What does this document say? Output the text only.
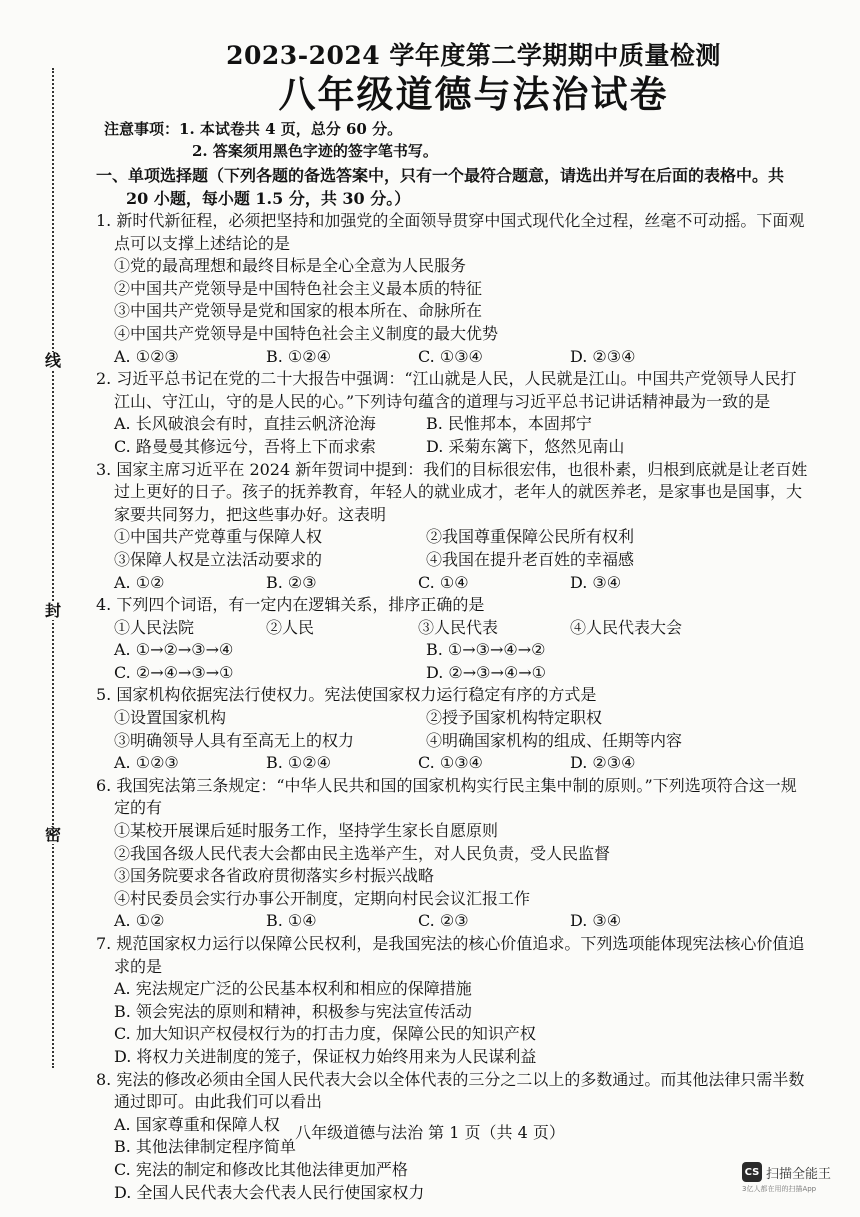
线
封
密
2023-2024 学年度第二学期期中质量检测
八年级道德与法治试卷
注意事项：1. 本试卷共 4 页，总分 60 分。
2. 答案须用黑色字迹的签字笔书写。
一、单项选择题（下列各题的备选答案中，只有一个最符合题意，请选出并写在后面的表格中。共 20 小题，每小题 1.5 分，共 30 分。）
1. 新时代新征程，必须把坚持和加强党的全面领导贯穿中国式现代化全过程，丝毫不可动摇。下面观点可以支撑上述结论的是
①党的最高理想和最终目标是全心全意为人民服务
②中国共产党领导是中国特色社会主义最本质的特征
③中国共产党领导是党和国家的根本所在、命脉所在
④中国共产党领导是中国特色社会主义制度的最大优势
A. ①②③	B. ①②④	C. ①③④	D. ②③④
2. 习近平总书记在党的二十大报告中强调：“江山就是人民，人民就是江山。中国共产党领导人民打江山、守江山，守的是人民的心。”下列诗句蕴含的道理与习近平总书记讲话精神最为一致的是
A. 长风破浪会有时，直挂云帆济沧海	B. 民惟邦本，本固邦宁
C. 路曼曼其修远兮，吾将上下而求索	D. 采菊东篱下，悠然见南山
3. 国家主席习近平在 2024 新年贺词中提到：我们的目标很宏伟，也很朴素，归根到底就是让老百姓过上更好的日子。孩子的抚养教育，年轻人的就业成才，老年人的就医养老，是家事也是国事，大家要共同努力，把这些事办好。这表明
①中国共产党尊重与保障人权	②我国尊重保障公民所有权利
③保障人权是立法活动要求的	④我国在提升老百姓的幸福感
A. ①②	B. ②③	C. ①④	D. ③④
4. 下列四个词语，有一定内在逻辑关系，排序正确的是
①人民法院	②人民	③人民代表	④人民代表大会
A. ①→②→③→④	B. ①→③→④→②
C. ②→④→③→①	D. ②→③→④→①
5. 国家机构依据宪法行使权力。宪法使国家权力运行稳定有序的方式是
①设置国家机构	②授予国家机构特定职权
③明确领导人具有至高无上的权力	④明确国家机构的组成、任期等内容
A. ①②③	B. ①②④	C. ①③④	D. ②③④
6. 我国宪法第三条规定：“中华人民共和国的国家机构实行民主集中制的原则。”下列选项符合这一规定的有
①某校开展课后延时服务工作，坚持学生家长自愿原则
②我国各级人民代表大会都由民主选举产生，对人民负责，受人民监督
③国务院要求各省政府贯彻落实乡村振兴战略
④村民委员会实行办事公开制度，定期向村民会议汇报工作
A. ①②	B. ①④	C. ②③	D. ③④
7. 规范国家权力运行以保障公民权利，是我国宪法的核心价值追求。下列选项能体现宪法核心价值追求的是
A. 宪法规定广泛的公民基本权利和相应的保障措施
B. 领会宪法的原则和精神，积极参与宪法宣传活动
C. 加大知识产权侵权行为的打击力度，保障公民的知识产权
D. 将权力关进制度的笼子，保证权力始终用来为人民谋利益
8. 宪法的修改必须由全国人民代表大会以全体代表的三分之二以上的多数通过。而其他法律只需半数通过即可。由此我们可以看出
A. 国家尊重和保障人权
B. 其他法律制定程序简单
C. 宪法的制定和修改比其他法律更加严格
D. 全国人民代表大会代表人民行使国家权力
八年级道德与法治 第 1 页（共 4 页）
CS 扫描全能王
3亿人都在用的扫描App
